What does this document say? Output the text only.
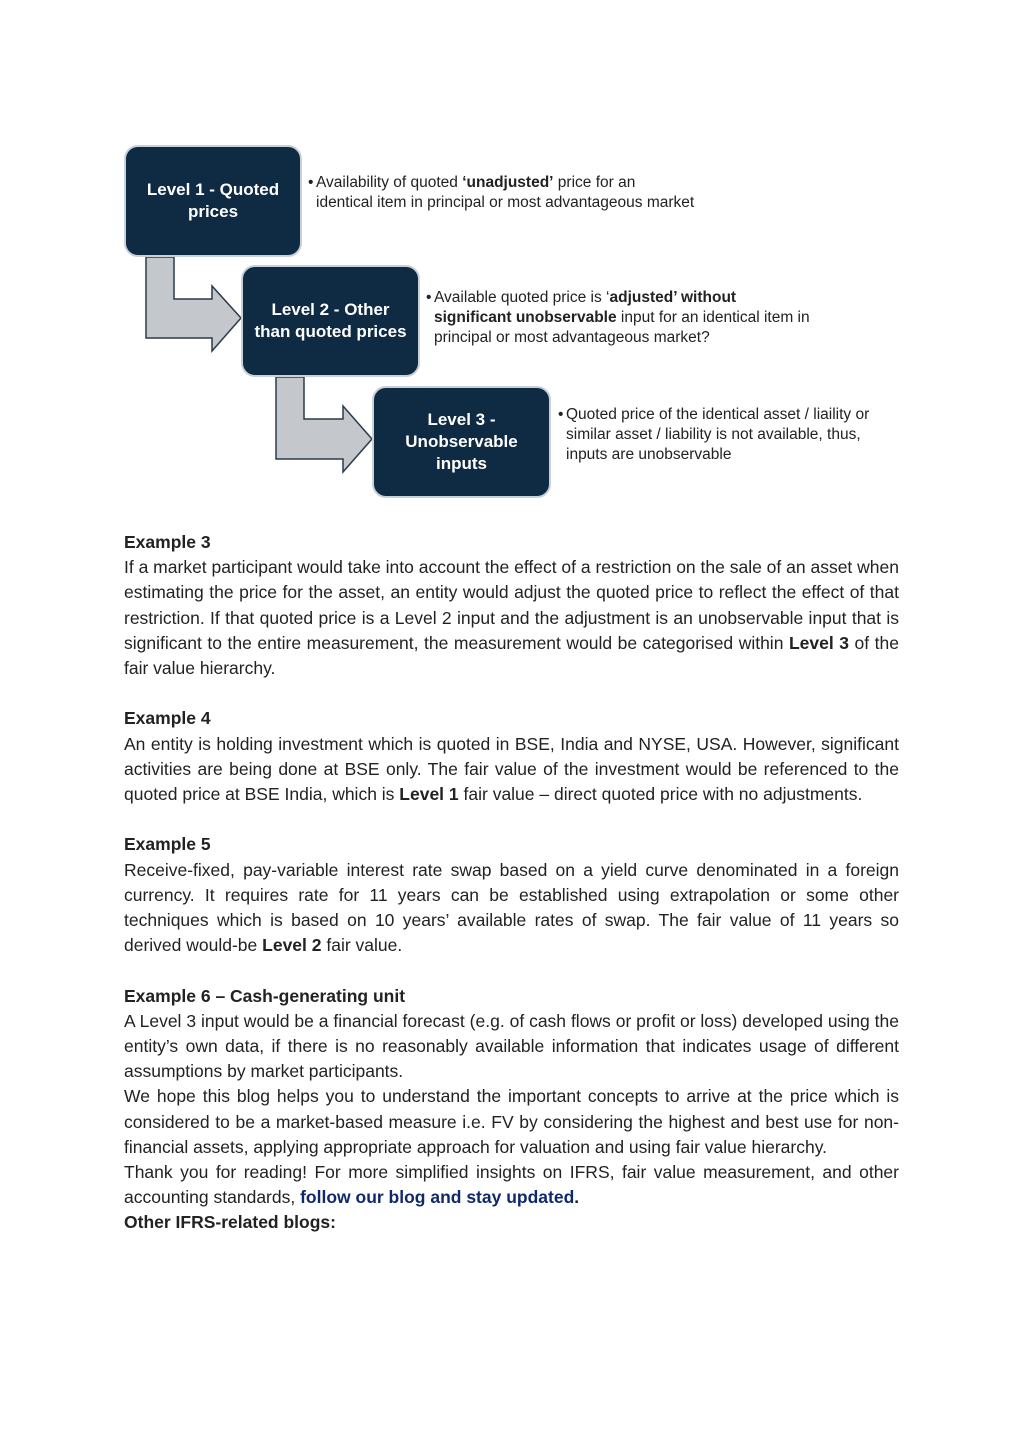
Level 1 - Quoted
prices
Level 2 - Other
than quoted prices
Level 3 -
Unobservable
inputs
• Availability of quoted ‘unadjusted’ price for an identical item in principal or most advantageous market
• Available quoted price is ‘adjusted’ without significant unobservable input for an identical item in principal or most advantageous market?
• Quoted price of the identical asset / liaility or similar asset / liability is not available, thus, inputs are unobservable
Example 3

If a market participant would take into account the effect of a restriction on the sale of an asset when estimating the price for the asset, an entity would adjust the quoted price to reflect the effect of that restriction. If that quoted price is a Level 2 input and the adjustment is an unobservable input that is significant to the entire measurement, the measurement would be categorised within Level 3 of the fair value hierarchy.

Example 4

An entity is holding investment which is quoted in BSE, India and NYSE, USA. However, significant activities are being done at BSE only. The fair value of the investment would be referenced to the quoted price at BSE India, which is Level 1 fair value – direct quoted price with no adjustments.

Example 5

Receive-fixed, pay-variable interest rate swap based on a yield curve denominated in a foreign currency. It requires rate for 11 years can be established using extrapolation or some other techniques which is based on 10 years’ available rates of swap. The fair value of 11 years so derived would-be Level 2 fair value.

Example 6 – Cash-generating unit

A Level 3 input would be a financial forecast (e.g. of cash flows or profit or loss) developed using the entity’s own data, if there is no reasonably available information that indicates usage of different assumptions by market participants.

We hope this blog helps you to understand the important concepts to arrive at the price which is considered to be a market-based measure i.e. FV by considering the highest and best use for non-financial assets, applying appropriate approach for valuation and using fair value hierarchy.

Thank you for reading! For more simplified insights on IFRS, fair value measurement, and other accounting standards, follow our blog and stay updated.

Other IFRS-related blogs:
